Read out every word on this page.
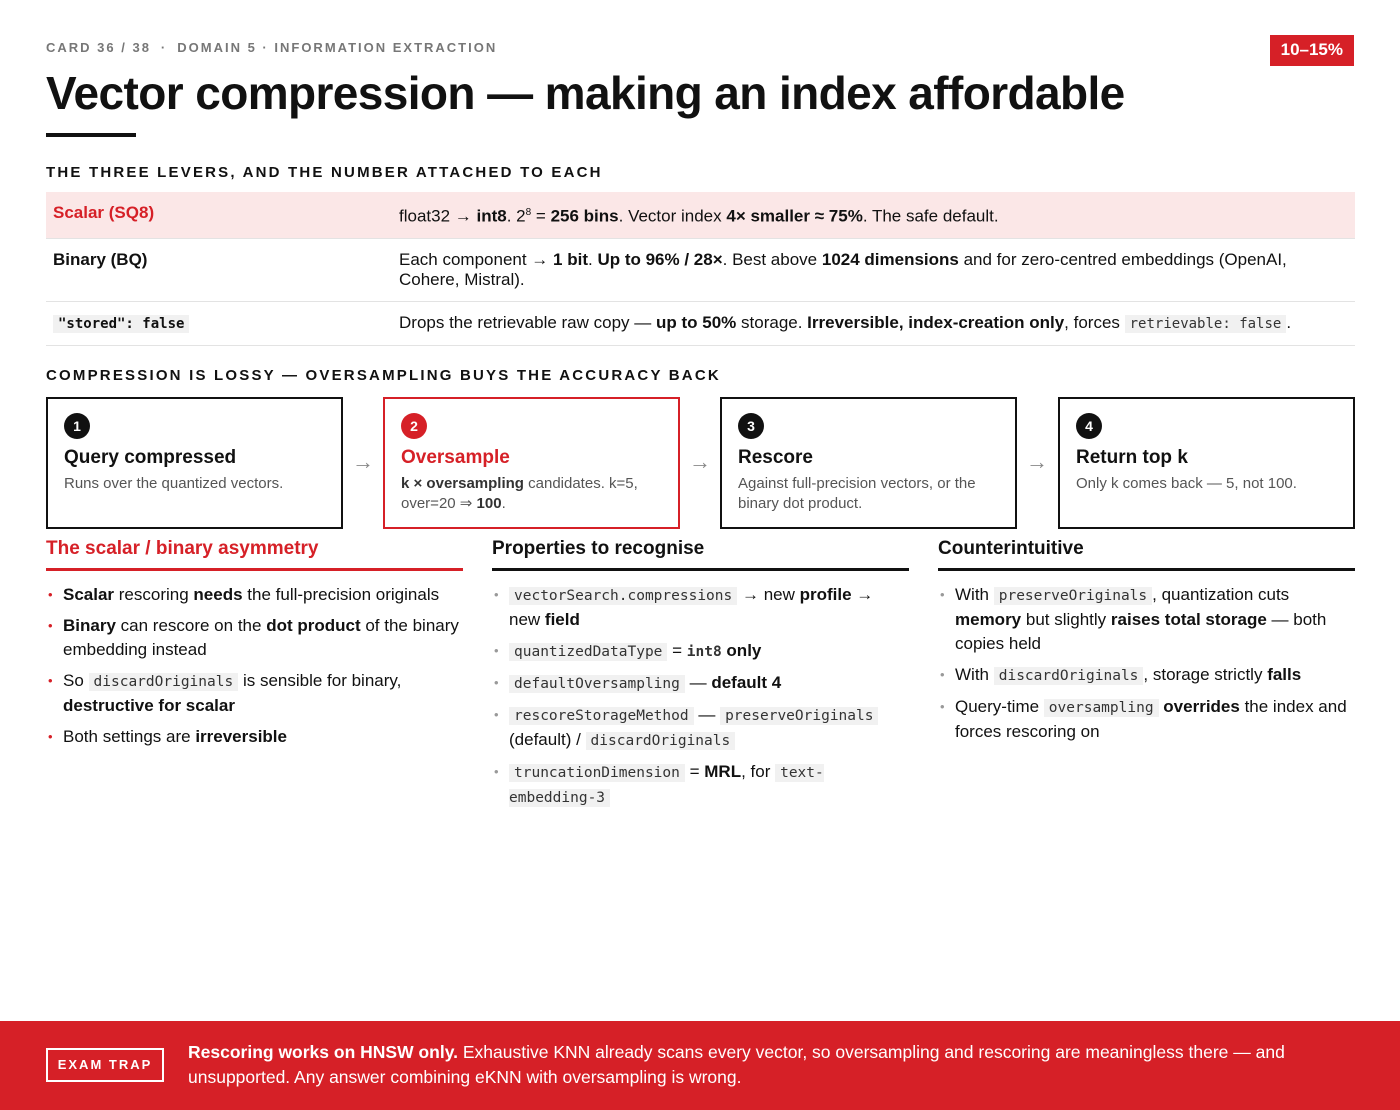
CARD 36 / 38 · DOMAIN 5 · INFORMATION EXTRACTION	10–15%
Vector compression — making an index affordable
THE THREE LEVERS, AND THE NUMBER ATTACHED TO EACH
Scalar (SQ8)	float32 → int8. $2^8 = 256$ bins. Vector index 4× smaller ≈ 75%. The safe default.
Binary (BQ)	Each component → 1 bit. Up to 96% / 28×. Best above 1024 dimensions and for zero-centred embeddings (OpenAI, Cohere, Mistral).
"stored": false	Drops the retrievable raw copy — up to 50% storage. Irreversible, index-creation only, forces retrievable: false .
COMPRESSION IS LOSSY — OVERSAMPLING BUYS THE ACCURACY BACK
1
Query compressed
Runs over the quantized vectors.
→
2
Oversample
k × oversampling candidates. k=5, over=20 ⇒ 100.
→
3
Rescore
Against full-precision vectors, or the binary dot product.
→
4
Return top k
Only k comes back — 5, not 100.
The scalar / binary asymmetry
• Scalar rescoring needs the full-precision originals
• Binary can rescore on the dot product of the binary embedding instead
• So discardOriginals is sensible for binary, destructive for scalar
• Both settings are irreversible
Properties to recognise
• vectorSearch.compressions → new profile → new field
• quantizedDataType = int8 only
• defaultOversampling — default 4
• rescoreStorageMethod — preserveOriginals (default) / discardOriginals
• truncationDimension = MRL, for text-embedding-3
Counterintuitive
• With preserveOriginals , quantization cuts memory but slightly raises total storage — both copies held
• With discardOriginals , storage strictly falls
• Query-time oversampling overrides the index and forces rescoring on
EXAM TRAP
Rescoring works on HNSW only. Exhaustive KNN already scans every vector, so oversampling and rescoring are meaningless there — and unsupported. Any answer combining eKNN with oversampling is wrong.
